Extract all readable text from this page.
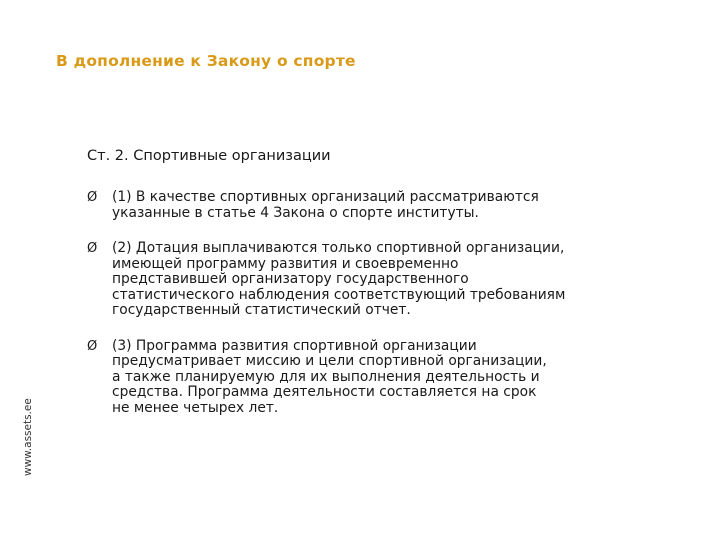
В дополнение к Закону о спорте
Ст. 2. Спортивные организации
Ø (1) В качестве спортивных организаций рассматриваются
указанные в статье 4 Закона о спорте институты.
Ø (2) Дотация выплачиваются только спортивной организации,
имеющей программу развития и своевременно
представившей организатору государственного
статистического наблюдения соответствующий требованиям
государственный статистический отчет.
Ø (3) Программа развития спортивной организации
предусматривает миссию и цели спортивной организации,
а также планируемую для их выполнения деятельность и
средства. Программа деятельности составляется на срок
не менее четырех лет.
www.assets.ee
